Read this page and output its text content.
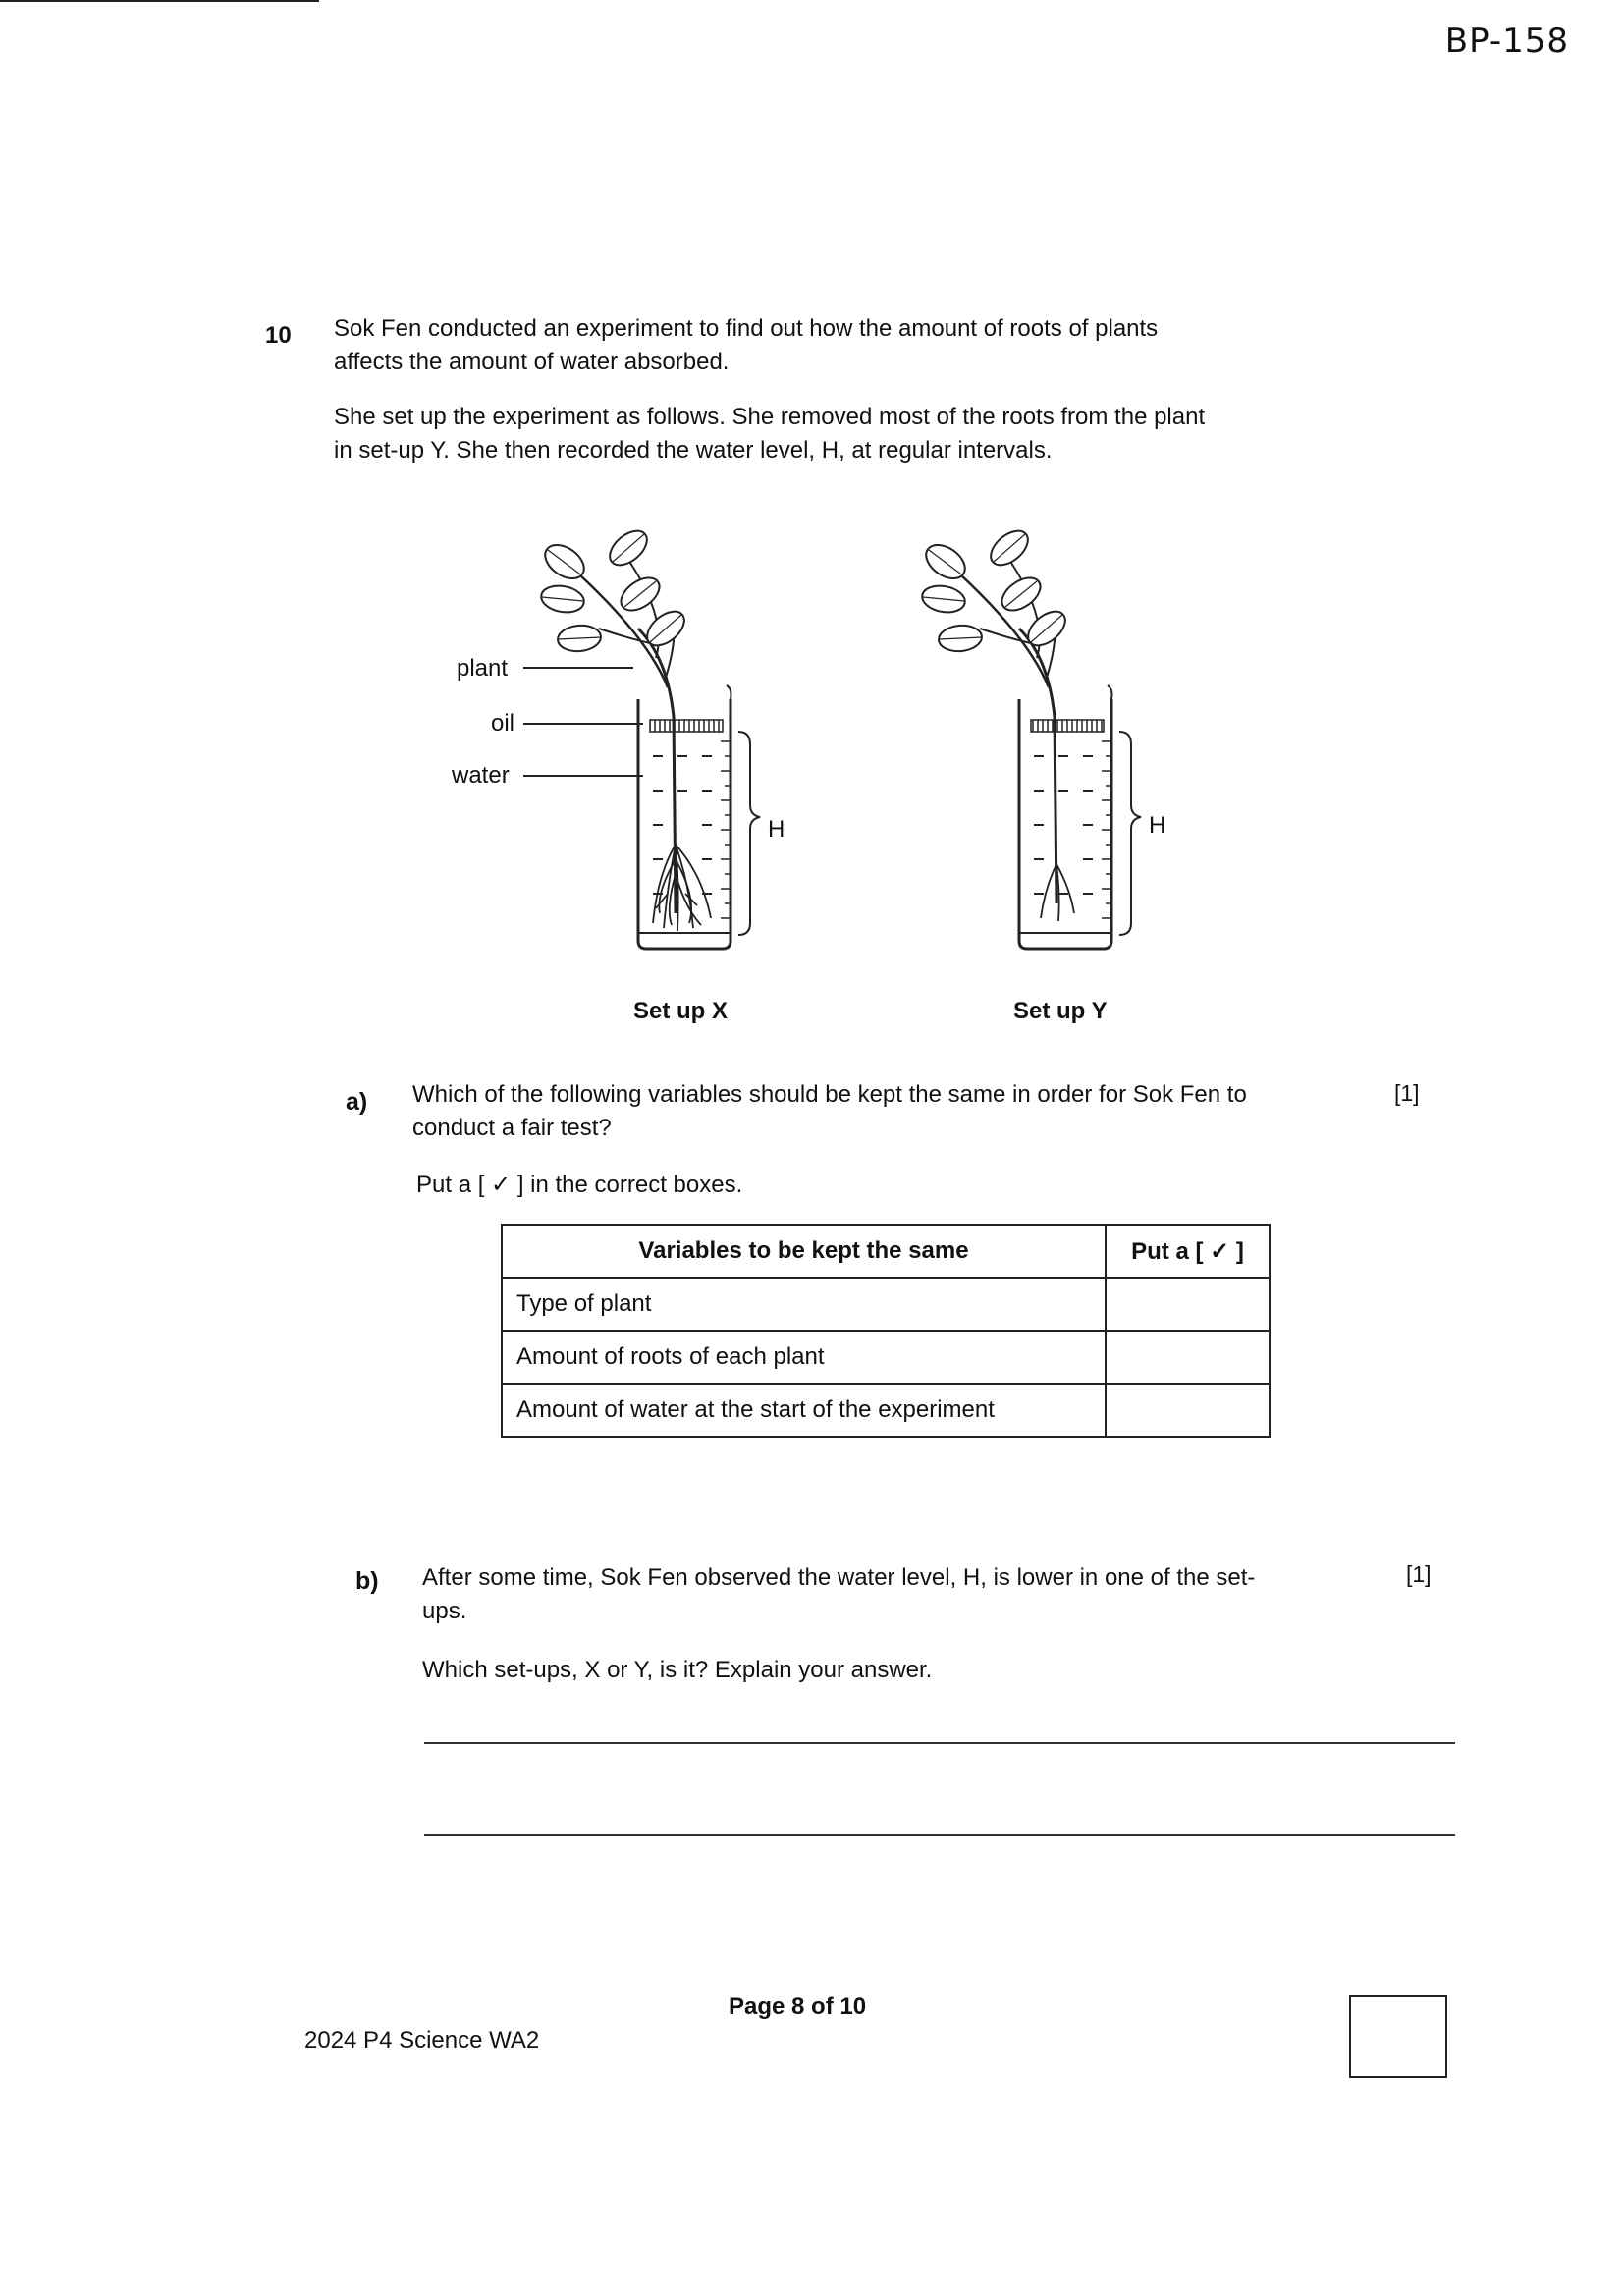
BP-158
10 Sok Fen conducted an experiment to find out how the amount of roots of plants
affects the amount of water absorbed.
She set up the experiment as follows. She removed most of the roots from the plant
in set-up Y. She then recorded the water level, H, at regular intervals.
plant
oil
water
H	H
Set up X	Set up Y
a) Which of the following variables should be kept the same in order for Sok Fen to
conduct a fair test?
[1]
Put a [ ✓ ] in the correct boxes.
Variables to be kept the same	Put a [ ✓ ]
Type of plant	
Amount of roots of each plant	
Amount of water at the start of the experiment	
b) After some time, Sok Fen observed the water level, H, is lower in one of the set-
ups.
[1]
Which set-ups, X or Y, is it? Explain your answer.
Page 8 of 10
2024 P4 Science WA2
